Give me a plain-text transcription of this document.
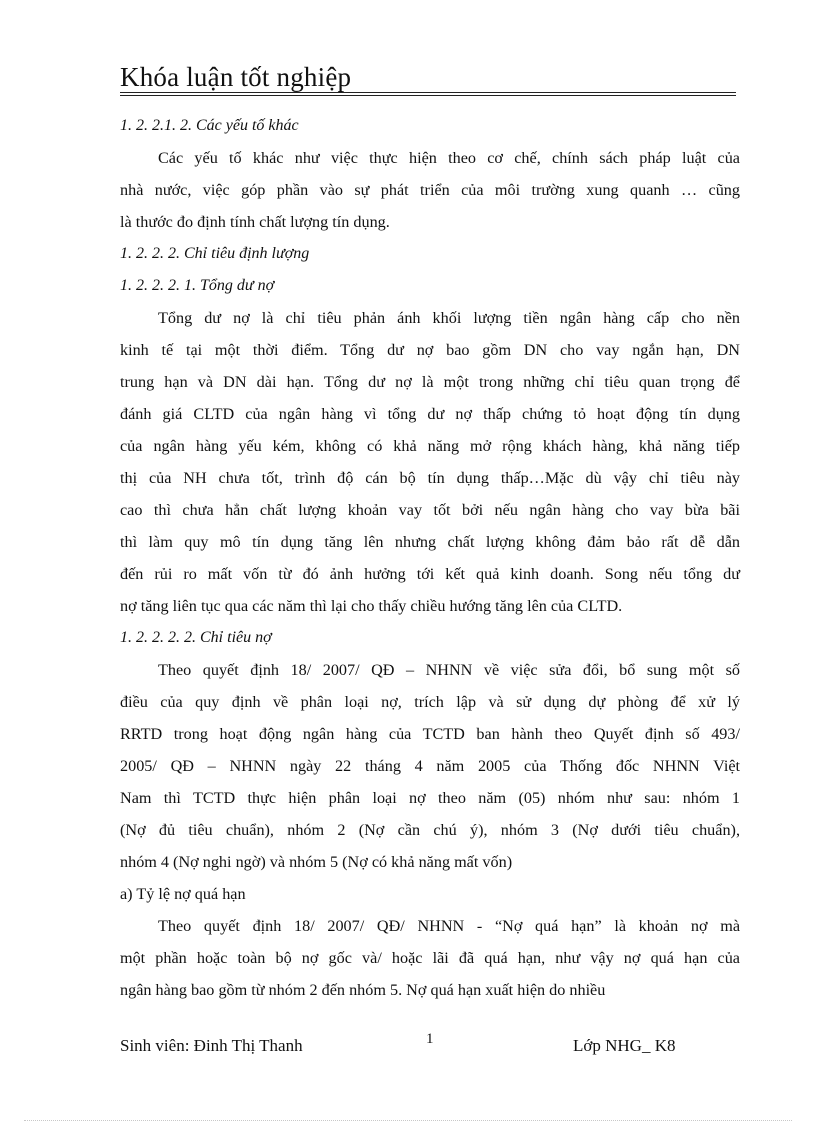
Khóa luận tốt nghiệp
1. 2. 2.1. 2. Các yếu tố khác
Các yếu tố khác như việc thực hiện theo cơ chế, chính sách pháp luật của
nhà nước, việc góp phần vào sự phát triển của môi trường xung quanh … cũng
là thước đo định tính chất lượng tín dụng.
1. 2. 2. 2. Chỉ tiêu định lượng
1. 2. 2. 2. 1. Tổng dư nợ
Tổng dư nợ là chỉ tiêu phản ánh khối lượng tiền ngân hàng cấp cho nền
kinh tế tại một thời điểm. Tổng dư nợ bao gồm DN cho vay ngắn hạn, DN
trung hạn và DN dài hạn. Tổng dư nợ là một trong những chỉ tiêu quan trọng để
đánh giá CLTD của ngân hàng vì tổng dư nợ thấp chứng tỏ hoạt động tín dụng
của ngân hàng yếu kém, không có khả năng mở rộng khách hàng, khả năng tiếp
thị của NH chưa tốt, trình độ cán bộ tín dụng thấp…Mặc dù vậy chỉ tiêu này
cao thì chưa hẳn chất lượng khoản vay tốt bởi nếu ngân hàng cho vay bừa bãi
thì làm quy mô tín dụng tăng lên nhưng chất lượng không đảm bảo rất dễ dẫn
đến rủi ro mất vốn từ đó ảnh hưởng tới kết quả kinh doanh. Song nếu tổng dư
nợ tăng liên tục qua các năm thì lại cho thấy chiều hướng tăng lên của CLTD.
1. 2. 2. 2. 2. Chỉ tiêu nợ
Theo quyết định 18/ 2007/ QĐ – NHNN về việc sửa đổi, bổ sung một số
điều của quy định về phân loại nợ, trích lập và sử dụng dự phòng để xử lý
RRTD trong hoạt động ngân hàng của TCTD ban hành theo Quyết định số 493/
2005/ QĐ – NHNN ngày 22 tháng 4 năm 2005 của Thống đốc NHNN Việt
Nam thì TCTD thực hiện phân loại nợ theo năm (05) nhóm như sau: nhóm 1
(Nợ đủ tiêu chuẩn), nhóm 2 (Nợ cần chú ý), nhóm 3 (Nợ dưới tiêu chuẩn),
nhóm 4 (Nợ nghi ngờ) và nhóm 5 (Nợ có khả năng mất vốn)
a) Tỷ lệ nợ quá hạn
Theo quyết định 18/ 2007/ QĐ/ NHNN - “Nợ quá hạn” là khoản nợ mà
một phần hoặc toàn bộ nợ gốc và/ hoặc lãi đã quá hạn, như vậy nợ quá hạn của
ngân hàng bao gồm từ nhóm 2 đến nhóm 5. Nợ quá hạn xuất hiện do nhiều
Sinh viên: Đinh Thị Thanh	1	Lớp NHG_ K8
